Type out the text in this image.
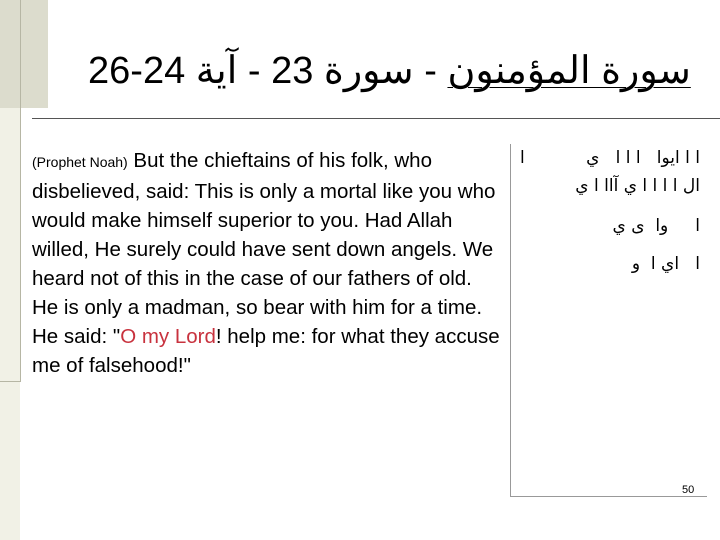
سورة المؤمنون - سورة 23 - آية 24-26

(Prophet Noah) But the chieftains of his folk, who disbelieved, said: This is only a mortal like you who would make himself superior to you. Had Allah willed, He surely could have sent down angels. We heard not of this in the case of our fathers of old.

He is only a madman, so bear with him for a time.

He said: "O my Lord! help me: for what they accuse me of falsehood!"

ا	ا ا ايوا   ا ا ا   ي
ال ا ا ا ا ي آاا ا ي
ا     وا  ى ي
ا   اي ا  و
50
